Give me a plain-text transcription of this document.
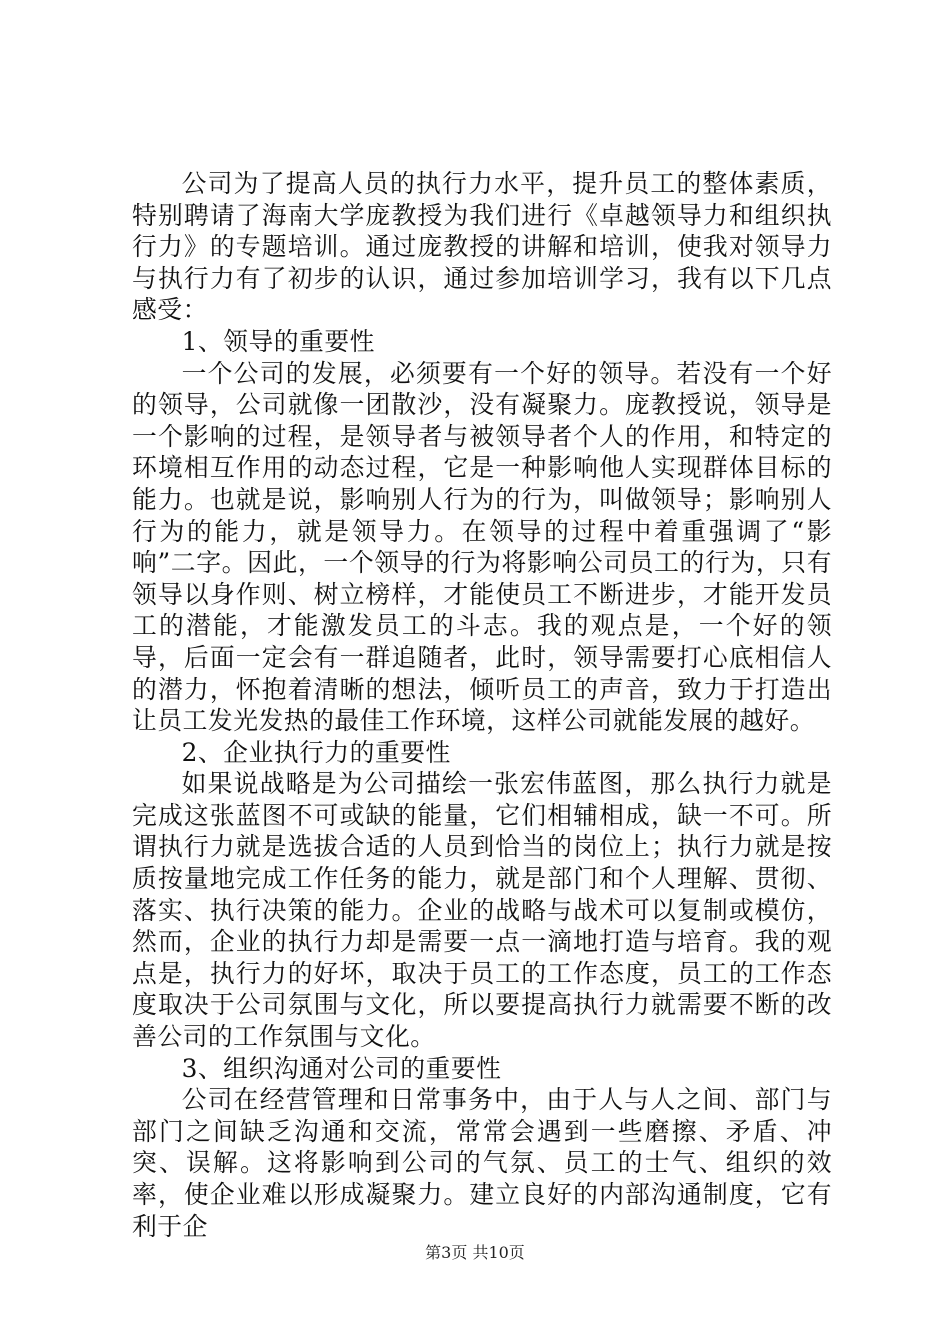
公司为了提高人员的执行力水平，提升员工的整体素质，特别聘请了海南大学庞教授为我们进行《卓越领导力和组织执行力》的专题培训。通过庞教授的讲解和培训，使我对领导力与执行力有了初步的认识，通过参加培训学习，我有以下几点感受：

1、领导的重要性

一个公司的发展，必须要有一个好的领导。若没有一个好的领导，公司就像一团散沙，没有凝聚力。庞教授说，领导是一个影响的过程，是领导者与被领导者个人的作用，和特定的环境相互作用的动态过程，它是一种影响他人实现群体目标的能力。也就是说，影响别人行为的行为，叫做领导；影响别人行为的能力，就是领导力。在领导的过程中着重强调了“影响”二字。因此，一个领导的行为将影响公司员工的行为，只有领导以身作则、树立榜样，才能使员工不断进步，才能开发员工的潜能，才能激发员工的斗志。我的观点是，一个好的领导，后面一定会有一群追随者，此时，领导需要打心底相信人的潜力，怀抱着清晰的想法，倾听员工的声音，致力于打造出让员工发光发热的最佳工作环境，这样公司就能发展的越好。

2、企业执行力的重要性

如果说战略是为公司描绘一张宏伟蓝图，那么执行力就是完成这张蓝图不可或缺的能量，它们相辅相成，缺一不可。所谓执行力就是选拔合适的人员到恰当的岗位上；执行力就是按质按量地完成工作任务的能力，就是部门和个人理解、贯彻、落实、执行决策的能力。企业的战略与战术可以复制或模仿，然而，企业的执行力却是需要一点一滴地打造与培育。我的观点是，执行力的好坏，取决于员工的工作态度，员工的工作态度取决于公司氛围与文化，所以要提高执行力就需要不断的改善公司的工作氛围与文化。

3、组织沟通对公司的重要性

公司在经营管理和日常事务中，由于人与人之间、部门与部门之间缺乏沟通和交流，常常会遇到一些磨擦、矛盾、冲突、误解。这将影响到公司的气氛、员工的士气、组织的效率，使企业难以形成凝聚力。建立良好的内部沟通制度，它有利于企

第3页 共10页
